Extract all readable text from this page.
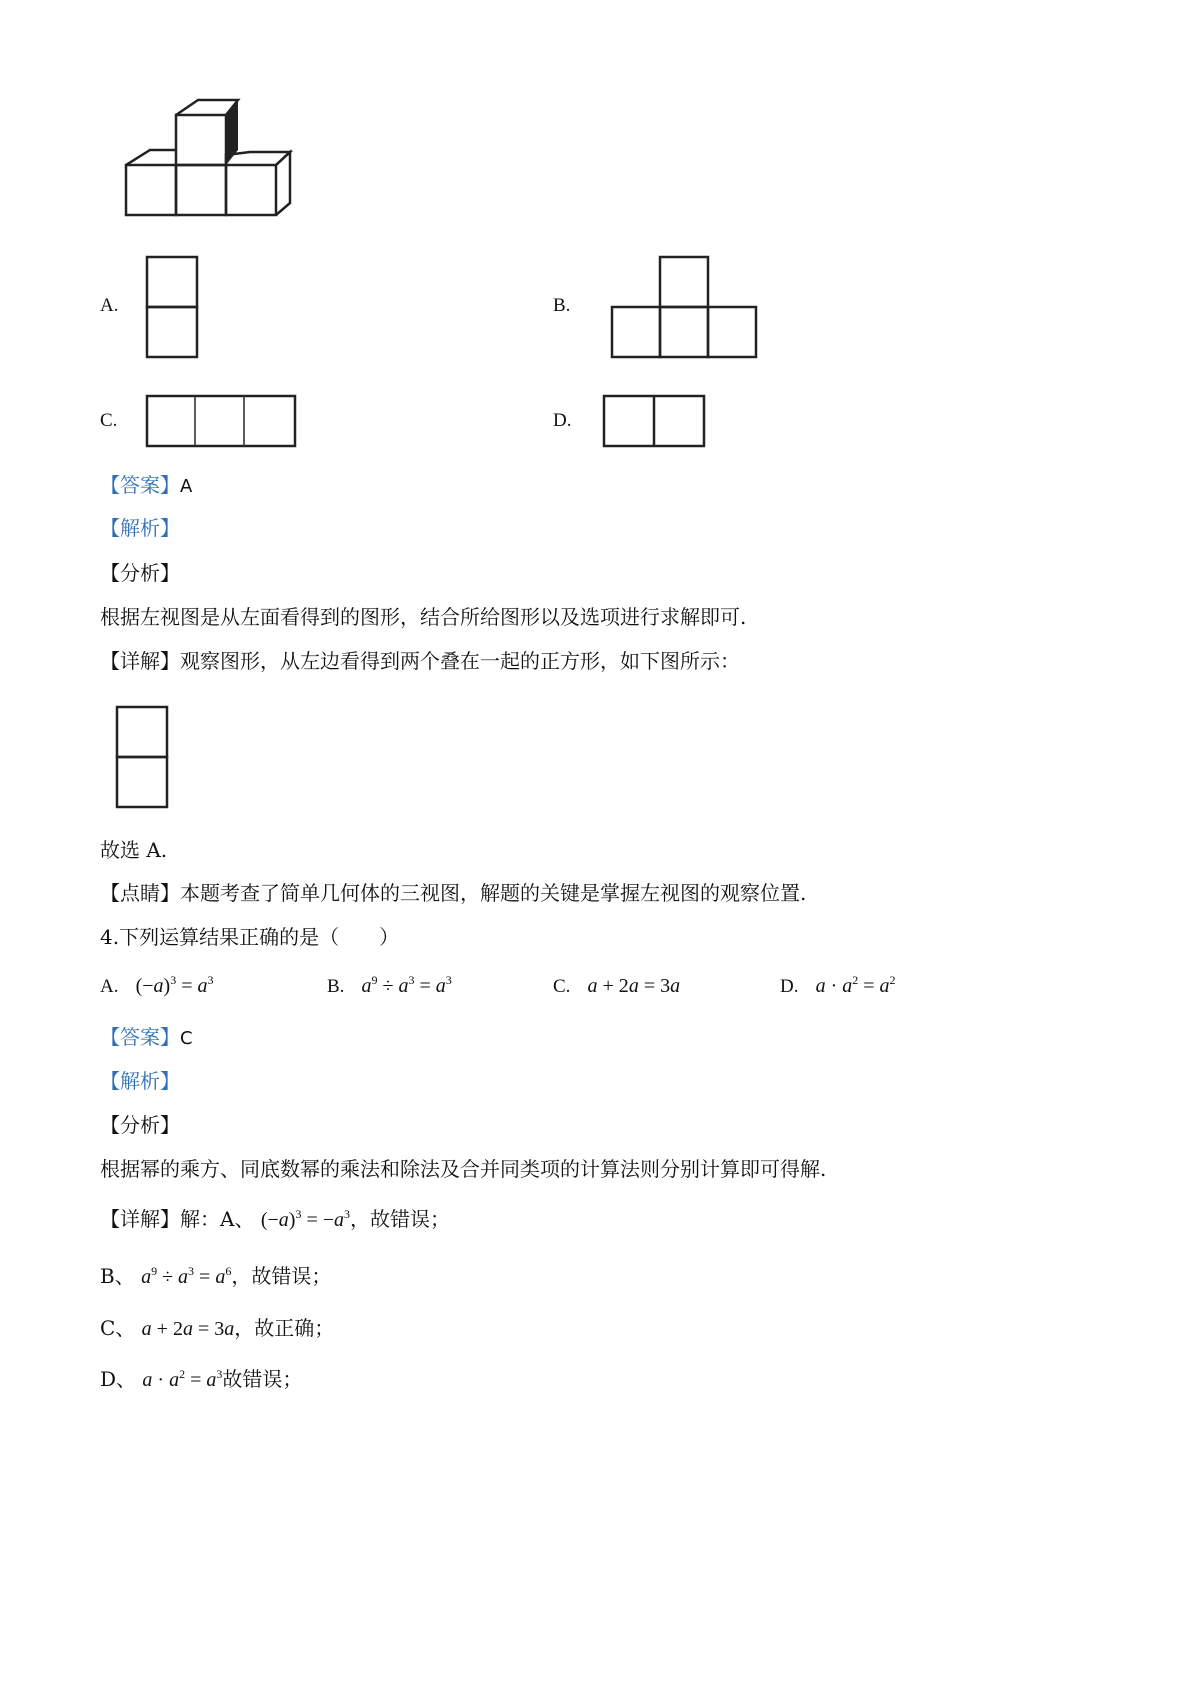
A.	B.
C.	D.
【答案】A
【解析】
【分析】
根据左视图是从左面看得到的图形，结合所给图形以及选项进行求解即可.
【详解】观察图形，从左边看得到两个叠在一起的正方形，如下图所示：
故选 A.
【点睛】本题考查了简单几何体的三视图，解题的关键是掌握左视图的观察位置.
4.下列运算结果正确的是（　　）
A. $(-a)^3 = a^3$	B. $a^9 \div a^3 = a^3$	C. a + 2a = 3a	D. $a \cdot a^2 = a^2$
【答案】C
【解析】
【分析】
根据幂的乘方、同底数幂的乘法和除法及合并同类项的计算法则分别计算即可得解.
【详解】解：A、 $(-a)^3 = -a^3$，故错误；
B、 $a^9 \div a^3 = a^6$，故错误；
C、 a + 2a = 3a，故正确；
D、 $a \cdot a^2 = a^3$故错误；
